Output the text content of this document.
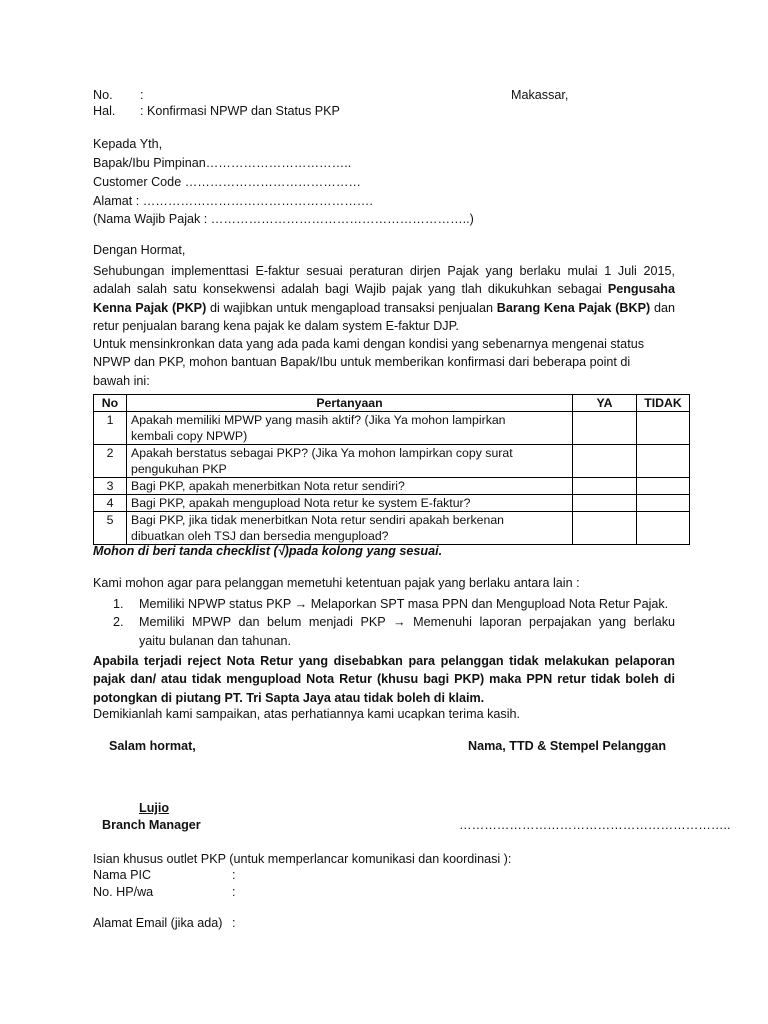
No. :	Makassar,
Hal. : Konfirmasi NPWP dan Status PKP
Kepada Yth,
Bapak/Ibu Pimpinan……………………………..
Customer Code ……………………………………
Alamat : ……………………………………………….
(Nama Wajib Pajak : ……………………………………………………..)
Dengan Hormat,
Sehubungan implementtasi E-faktur sesuai peraturan dirjen Pajak yang berlaku mulai 1 Juli 2015,
adalah salah satu konsekwensi adalah bagi Wajib pajak yang tlah dikukuhkan sebagai Pengusaha
Kenna Pajak (PKP) di wajibkan untuk mengapload transaksi penjualan Barang Kena Pajak (BKP) dan
retur penjualan barang kena pajak ke dalam system E-faktur DJP.
Untuk mensinkronkan data yang ada pada kami dengan kondisi yang sebenarnya mengenai status
NPWP dan PKP, mohon bantuan Bapak/Ibu untuk memberikan konfirmasi dari beberapa point di
bawah ini:
No	Pertanyaan	YA	TIDAK
1	Apakah memiliki MPWP yang masih aktif? (Jika Ya mohon lampirkan
kembali copy NPWP)		

2	Apakah berstatus sebagai PKP? (Jika Ya mohon lampirkan copy surat
pengukuhan PKP		

3	Bagi PKP, apakah menerbitkan Nota retur sendiri?		

4	Bagi PKP, apakah mengupload Nota retur ke system E-faktur?		

5	Bagi PKP, jika tidak menerbitkan Nota retur sendiri apakah berkenan
dibuatkan oleh TSJ dan bersedia mengupload?		

Mohon di beri tanda checklist (√)pada kolong yang sesuai.
Kami mohon agar para pelanggan memetuhi ketentuan pajak yang berlaku antara lain :
1. Memiliki NPWP status PKP → Melaporkan SPT masa PPN dan Mengupload Nota Retur Pajak.
2. Memiliki MPWP dan belum menjadi PKP → Memenuhi laporan perpajakan yang berlaku
yaitu bulanan dan tahunan.
Apabila terjadi reject Nota Retur yang disebabkan para pelanggan tidak melakukan pelaporan
pajak dan/ atau tidak mengupload Nota Retur (khusu bagi PKP) maka PPN retur tidak boleh di
potongkan di piutang PT. Tri Sapta Jaya atau tidak boleh di klaim.
Demikianlah kami sampaikan, atas perhatiannya kami ucapkan terima kasih.
Salam hormat,	Nama, TTD & Stempel Pelanggan
Lujio
Branch Manager	………………………………………………………..
Isian khusus outlet PKP (untuk memperlancar komunikasi dan koordinasi ):
Nama PIC	:
No. HP/wa	:
Alamat Email (jika ada) :
